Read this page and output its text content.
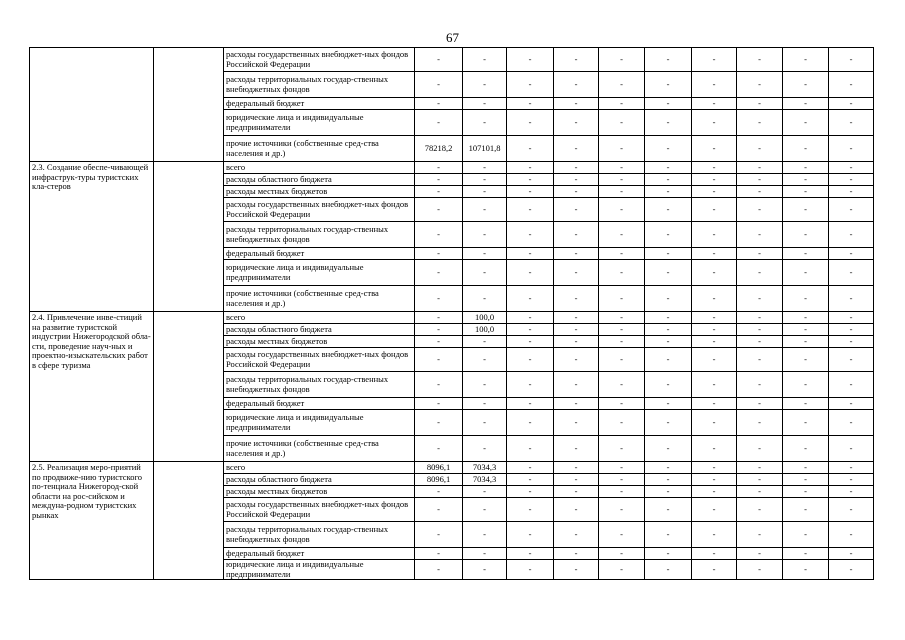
67
		расходы государственных внебюджет-ных фондов Российской Федерации	-	-	-	-	-	-	-	-	-	-
		расходы территориальных государ-ственных внебюджетных фондов	-	-	-	-	-	-	-	-	-	-
		федеральный бюджет	-	-	-	-	-	-	-	-	-	-
		юридические лица и индивидуальные предприниматели	-	-	-	-	-	-	-	-	-	-
		прочие источники (собственные сред-ства населения и др.)	78218,2	107101,8	-	-	-	-	-	-	-	-
2.3. Создание обеспе-чивающей инфраструк-туры туристских кла-стеров		всего	-	-	-	-	-	-	-	-	-	-
		расходы областного бюджета	-	-	-	-	-	-	-	-	-	-
		расходы местных бюджетов	-	-	-	-	-	-	-	-	-	-
		расходы государственных внебюджет-ных фондов Российской Федерации	-	-	-	-	-	-	-	-	-	-
		расходы территориальных государ-ственных внебюджетных фондов	-	-	-	-	-	-	-	-	-	-
		федеральный бюджет	-	-	-	-	-	-	-	-	-	-
		юридические лица и индивидуальные предприниматели	-	-	-	-	-	-	-	-	-	-
		прочие источники (собственные сред-ства населения и др.)	-	-	-	-	-	-	-	-	-	-
2.4. Привлечение инве-стиций на развитие туристской индустрии Нижегородской обла-сти, проведение науч-ных и проектно-изыскательских работ в сфере туризма		всего	-	100,0	-	-	-	-	-	-	-	-
		расходы областного бюджета	-	100,0	-	-	-	-	-	-	-	-
		расходы местных бюджетов	-	-	-	-	-	-	-	-	-	-
		расходы государственных внебюджет-ных фондов Российской Федерации	-	-	-	-	-	-	-	-	-	-
		расходы территориальных государ-ственных внебюджетных фондов	-	-	-	-	-	-	-	-	-	-
		федеральный бюджет	-	-	-	-	-	-	-	-	-	-
		юридические лица и индивидуальные предприниматели	-	-	-	-	-	-	-	-	-	-
		прочие источники (собственные сред-ства населения и др.)	-	-	-	-	-	-	-	-	-	-
2.5. Реализация меро-приятий по продвиже-нию туристского по-тенциала Нижегород-ской области на рос-сийском и междуна-родном туристских рынках		всего	8096,1	7034,3	-	-	-	-	-	-	-	-
		расходы областного бюджета	8096,1	7034,3	-	-	-	-	-	-	-	-
		расходы местных бюджетов	-	-	-	-	-	-	-	-	-	-
		расходы государственных внебюджет-ных фондов Российской Федерации	-	-	-	-	-	-	-	-	-	-
		расходы территориальных государ-ственных внебюджетных фондов	-	-	-	-	-	-	-	-	-	-
		федеральный бюджет	-	-	-	-	-	-	-	-	-	-
		юридические лица и индивидуальные предприниматели	-	-	-	-	-	-	-	-	-	-
